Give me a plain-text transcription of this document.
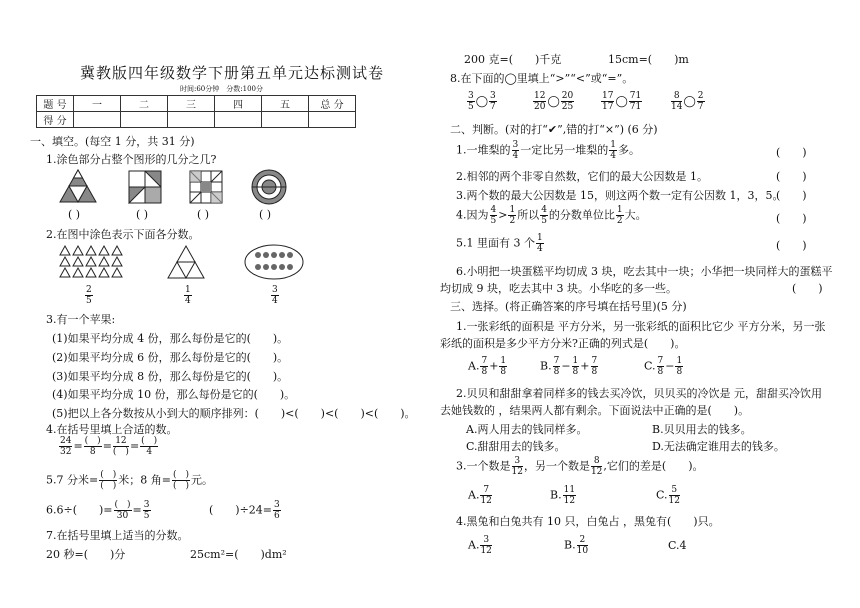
冀教版四年级数学下册第五单元达标测试卷
时间:60分钟　分数:100分
题 号	一	二	三	四	五	总 分
得 分						
一、填空。(每空 1 分，共 31 分)
1.涂色部分占整个图形的几分之几?
( )	( )	( )	( )
2.在图中涂色表示下面各分数。
$\frac{2}{5}$	$\frac{1}{4}$	$\frac{3}{4}$
3.有一个苹果:
(1)如果平均分成 4 份，那么每份是它的(　　)。
(2)如果平均分成 6 份，那么每份是它的(　　)。
(3)如果平均分成 8 份，那么每份是它的(　　)。
(4)如果平均分成 10 份，那么每份是它的(　　)。
(5)把以上各分数按从小到大的顺序排列：(　　)<(　　)<(　　)<(　　)。
4.在括号里填上合适的数。
$\frac{24}{32} = \frac{( )}{8} = \frac{12}{( )} = \frac{( )}{4}$
5.7 分米= $\frac{( )}{( )}$ 米；8 角= $\frac{( )}{( )}$ 元。
6.6÷(　　)= $\frac{( )}{30} = \frac{3}{5}$	(　　)$\div 24= \frac{3}{6}$
7.在括号里填上适当的分数。
20 秒=(　　)分	25cm²=(　　)dm²
200 克=(　　)千克	15cm=(　　)m
8.在下面的◯里填上“>”“<”或“=”。
$\frac{3}{5}$ ◯ $\frac{3}{7}$	$\frac{12}{20}$ ◯ $\frac{20}{25}$	$\frac{17}{17}$ ◯ $\frac{71}{71}$	$\frac{8}{14}$ ◯ $\frac{2}{7}$
二、判断。(对的打“✔”,错的打“×”) (6 分)
1.一堆梨的 $\frac{3}{4}$ 一定比另一堆梨的 $\frac{1}{4}$ 多。	(　　)
2.相邻的两个非零自然数，它们的最大公因数是 1。	(　　)
3.两个数的最大公因数是 15，则这两个数一定有公因数 1，3，5。
(　　)
4.因为 $\frac{4}{5} > \frac{1}{2}$ 所以 $\frac{4}{5}$ 的分数单位比 $\frac{1}{2}$ 大。	(　　)
5.1 里面有 3 个 $\frac{1}{4}$	(　　)
6.小明把一块蛋糕平均切成 3 块，吃去其中一块；小华把一块同样大的蛋糕平
均切成 9 块，吃去其中 3 块。小华吃的多一些。	(　　)
三、选择。(将正确答案的序号填在括号里)(5 分)
1.一张彩纸的面积是 平方分米，另一张彩纸的面积比它少 平方分米，另一张
彩纸的面积是多少平方分米?正确的列式是(　　)。
A. $\frac{7}{8} + \frac{1}{8}$	B. $\frac{7}{8} - \frac{1}{8} + \frac{7}{8}$	C. $\frac{7}{8} - \frac{1}{8}$
2.贝贝和甜甜拿着同样多的钱去买冷饮，贝贝买的冷饮是 元，甜甜买冷饮用
去她钱数的 ，结果两人都有剩余。下面说法中正确的是(　　)。
A.两人用去的钱同样多。	B.贝贝用去的钱多。
C.甜甜用去的钱多。	D.无法确定谁用去的钱多。
3.一个数是 $\frac{3}{12}$ ，另一个数是 $\frac{8}{12}$ ,它们的差是(　　)。
A. $\frac{7}{12}$	B. $\frac{11}{12}$	C. $\frac{5}{12}$
4.黑兔和白兔共有 10 只，白兔占 ，黑兔有(　　)只。
A. $\frac{3}{12}$	B. $\frac{2}{10}$	C.4
